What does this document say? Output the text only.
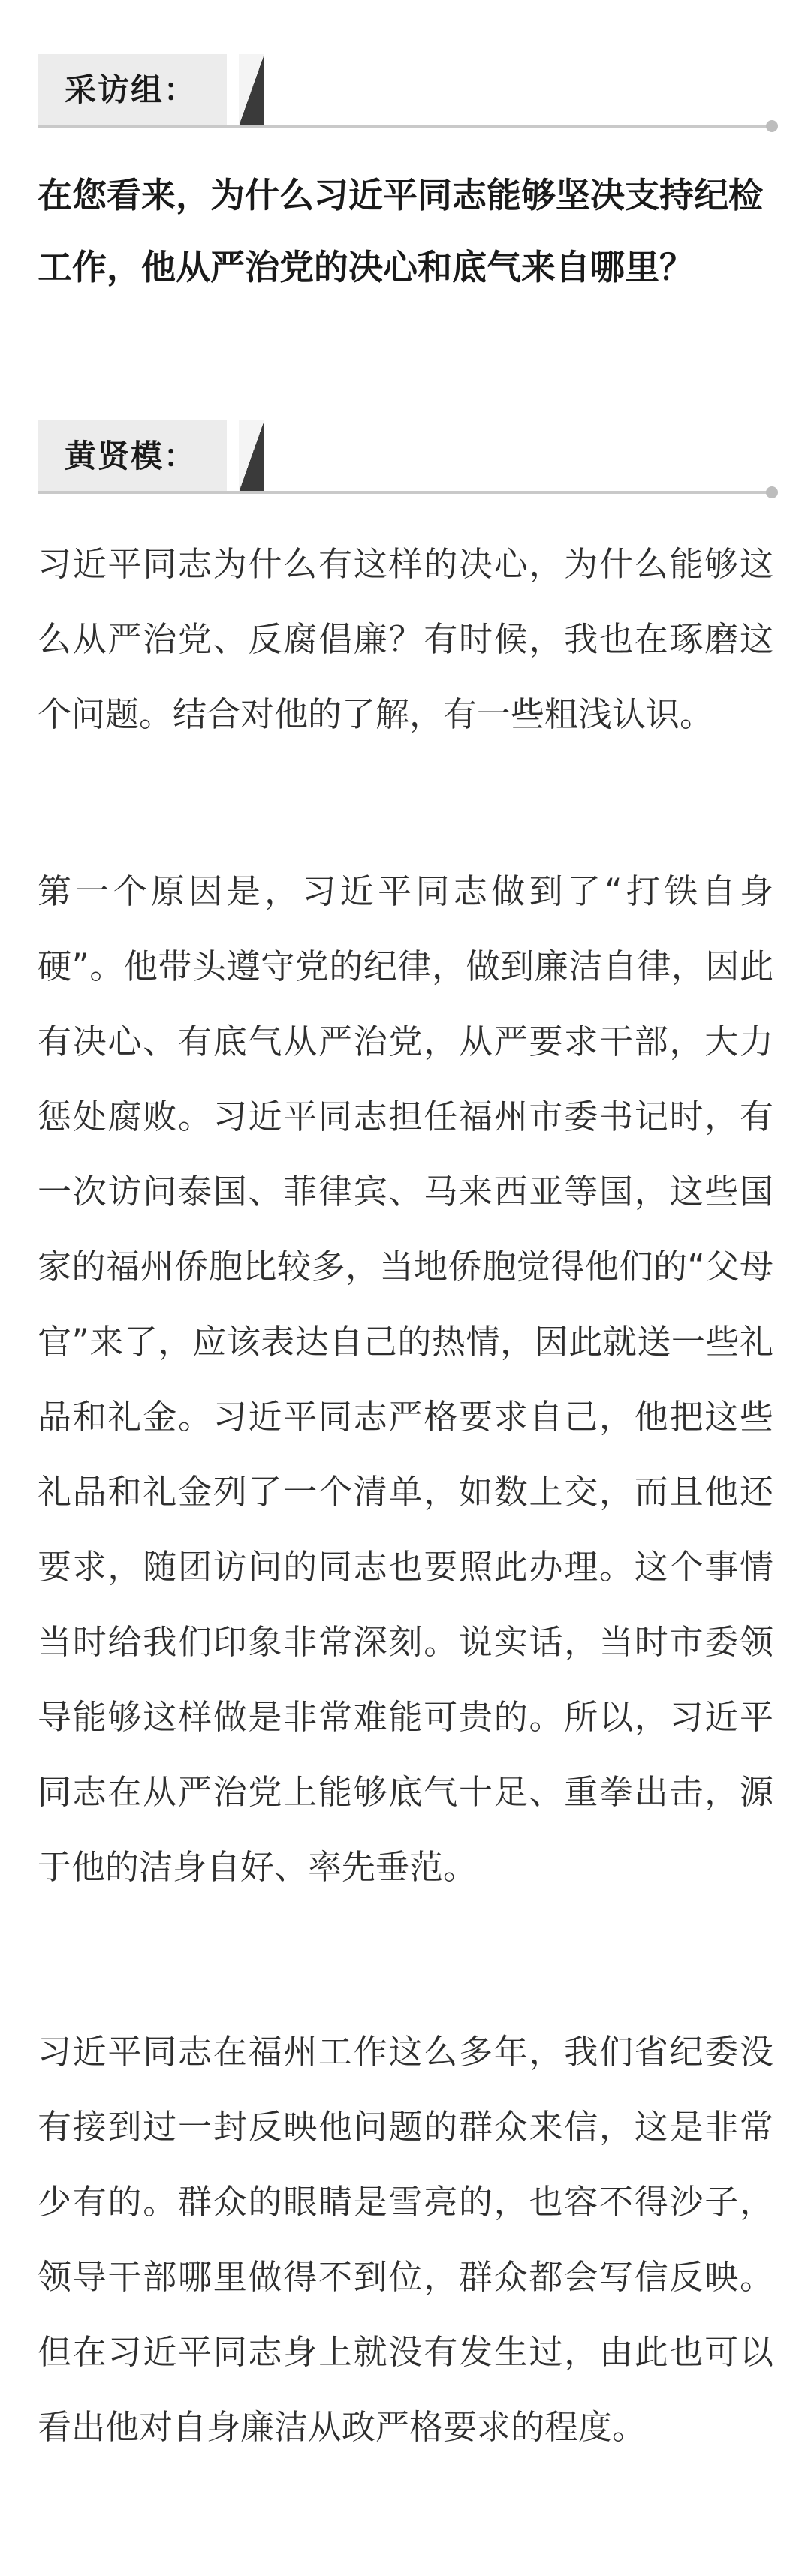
采访组：

在您看来，为什么习近平同志能够坚决支持纪检工作，他从严治党的决心和底气来自哪里？

黄贤模：

习近平同志为什么有这样的决心，为什么能够这么从严治党、反腐倡廉？有时候，我也在琢磨这个问题。结合对他的了解，有一些粗浅认识。

第一个原因是，习近平同志做到了“打铁自身硬”。他带头遵守党的纪律，做到廉洁自律，因此有决心、有底气从严治党，从严要求干部，大力惩处腐败。习近平同志担任福州市委书记时，有一次访问泰国、菲律宾、马来西亚等国，这些国家的福州侨胞比较多，当地侨胞觉得他们的“父母官”来了，应该表达自己的热情，因此就送一些礼品和礼金。习近平同志严格要求自己，他把这些礼品和礼金列了一个清单，如数上交，而且他还要求，随团访问的同志也要照此办理。这个事情当时给我们印象非常深刻。说实话，当时市委领导能够这样做是非常难能可贵的。所以，习近平同志在从严治党上能够底气十足、重拳出击，源于他的洁身自好、率先垂范。

习近平同志在福州工作这么多年，我们省纪委没有接到过一封反映他问题的群众来信，这是非常少有的。群众的眼睛是雪亮的，也容不得沙子，领导干部哪里做得不到位，群众都会写信反映。但在习近平同志身上就没有发生过，由此也可以看出他对自身廉洁从政严格要求的程度。
